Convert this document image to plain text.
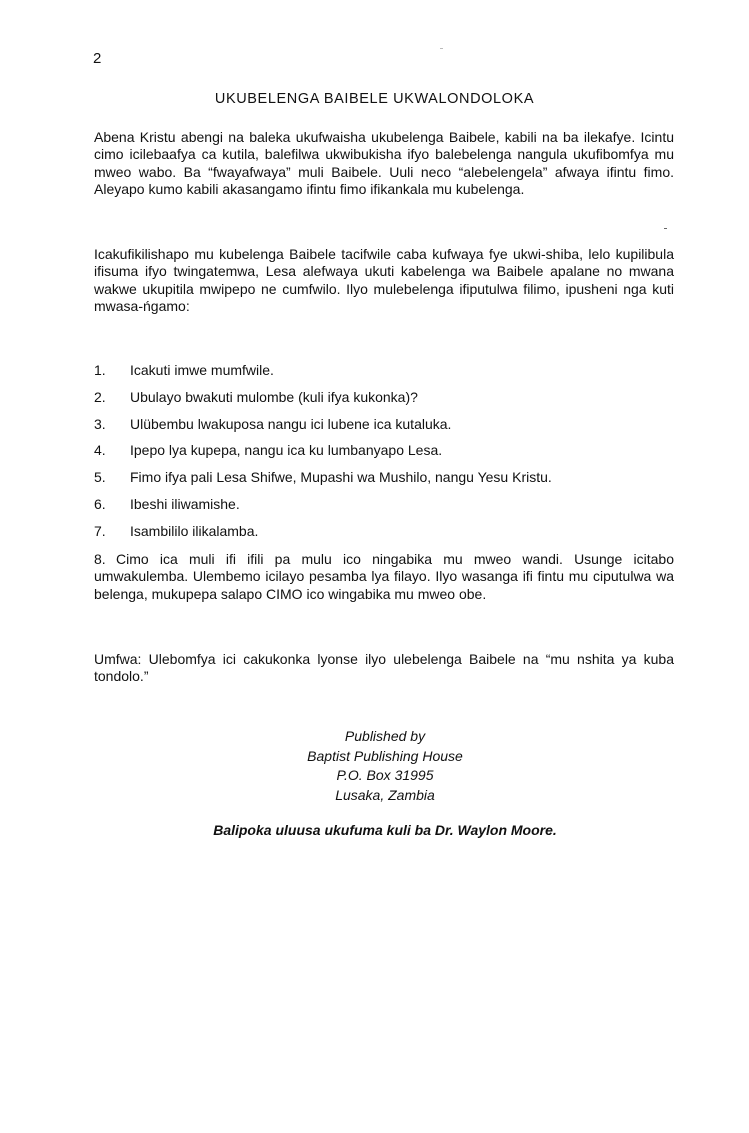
2
UKUBELENGA BAIBELE UKWALONDOLOKA
Abena Kristu abengi na baleka ukufwaisha ukubelenga Baibele, kabili na ba ilekafye. Icintu cimo icilebaafya ca kutila, balefilwa ukwibukisha ifyo balebelenga nangula ukufibomfya mu mweo wabo. Ba “fwayafwaya” muli Baibele. Uuli neco “alebelengela” afwaya ifintu fimo. Aleyapo kumo kabili akasangamo ifintu fimo ifikankala mu kubelenga.
Icakufikilishapo mu kubelenga Baibele tacifwile caba kufwaya fye ukwi-shiba, lelo kupilibula ifisuma ifyo twingatemwa, Lesa alefwaya ukuti kabelenga wa Baibele apalane no mwana wakwe ukupitila mwipepo ne cumfwilo. Ilyo mulebelenga ifiputulwa filimo, ipusheni nga kuti mwasa-ńgamo:
1.	Icakuti imwe mumfwile.
2.	Ubulayo bwakuti mulombe (kuli ifya kukonka)?
3.	Ulübembu lwakuposa nangu ici lubene ica kutaluka.
4.	Ipepo lya kupepa, nangu ica ku lumbanyapo Lesa.
5.	Fimo ifya pali Lesa Shifwe, Mupashi wa Mushilo, nangu Yesu Kristu.
6.	Ibeshi iliwamishe.
7.	Isambililo ilikalamba.
8. Cimo ica muli ifi ifili pa mulu ico ningabika mu mweo wandi. Usunge icitabo umwakulemba. Ulembemo icilayo pesamba lya filayo. Ilyo wasanga ifi fintu mu ciputulwa wa belenga, mukupepa salapo CIMO ico wingabika mu mweo obe.
Umfwa: Ulebomfya ici cakukonka lyonse ilyo ulebelenga Baibele na “mu nshita ya kuba tondolo.”
Published by
Baptist Publishing House
P.O. Box 31995
Lusaka, Zambia
Balipoka uluusa ukufuma kuli ba Dr. Waylon Moore.
